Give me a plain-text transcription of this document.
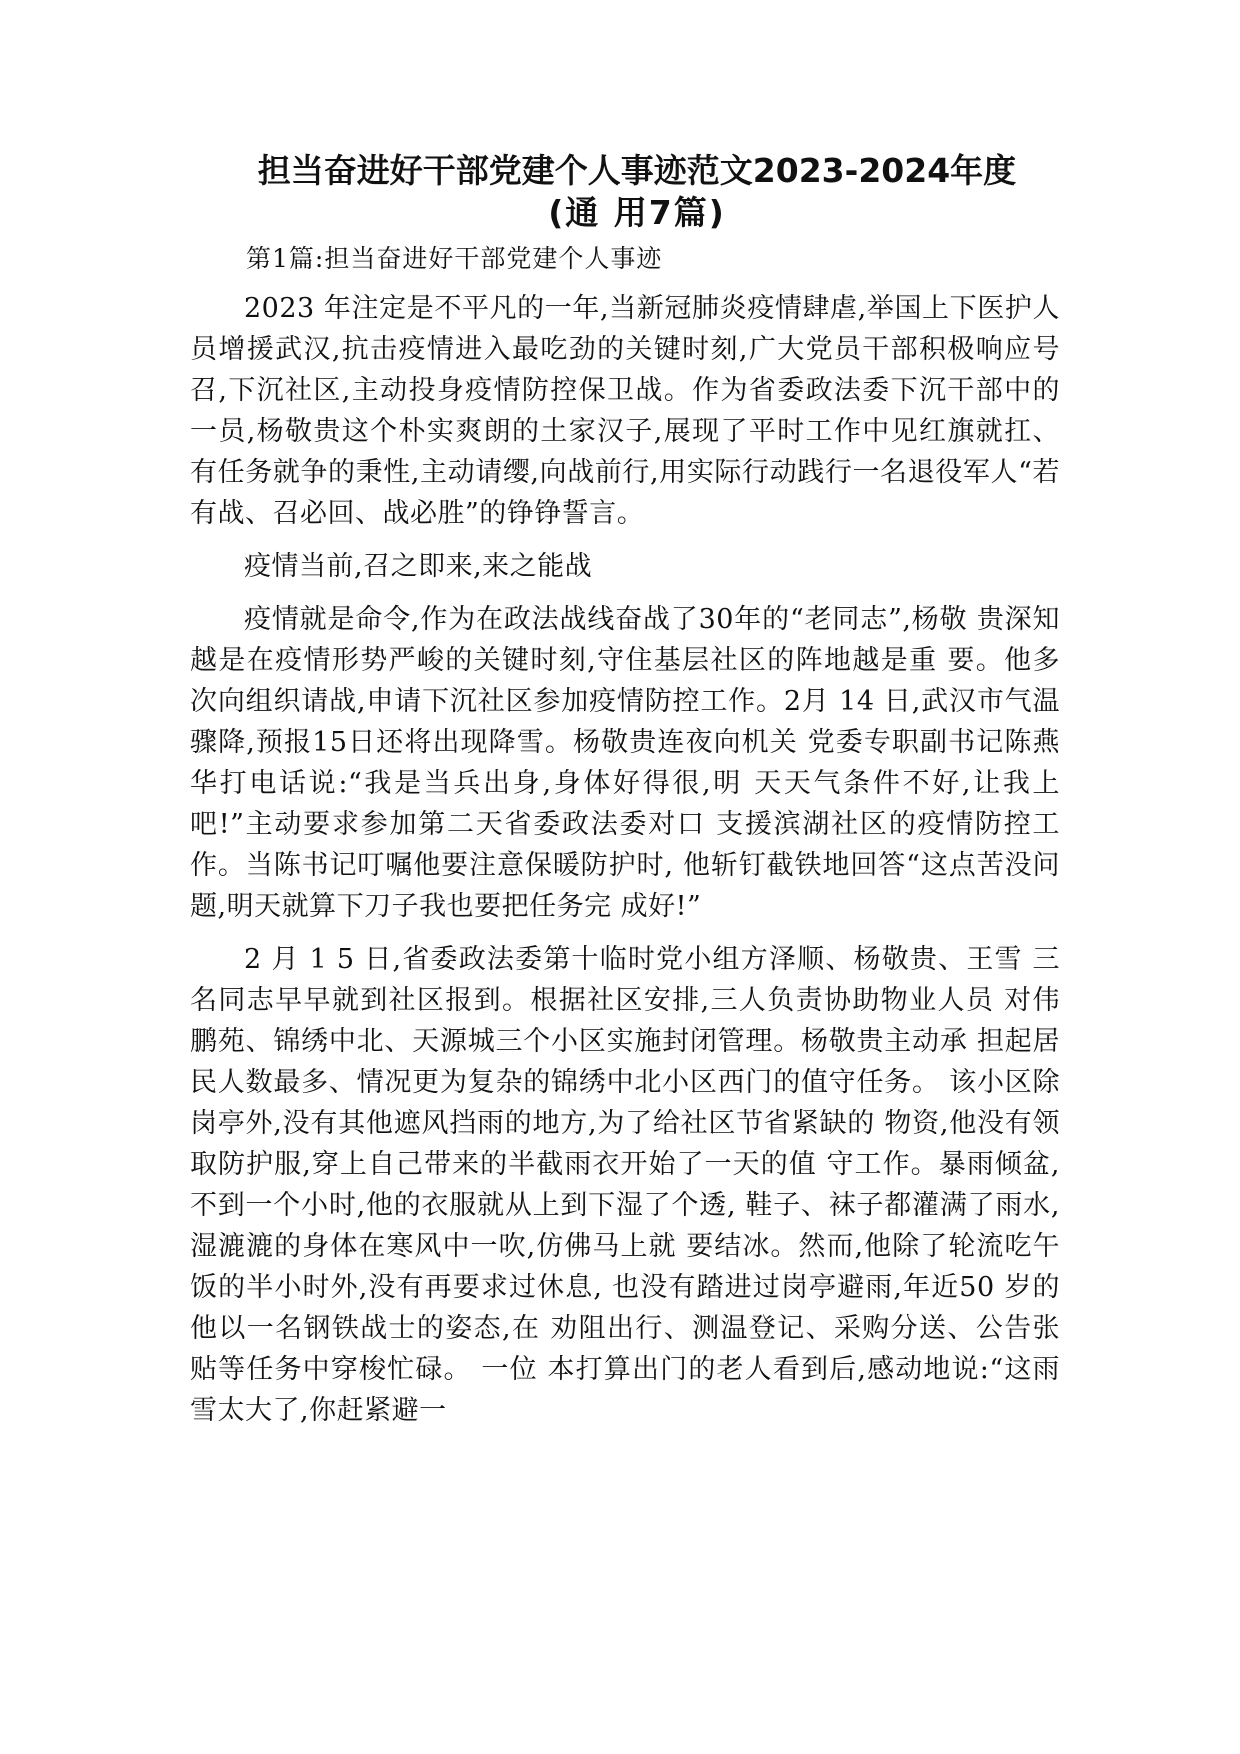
担当奋进好干部党建个人事迹范文2023-2024年度
(通 用7篇)

第1篇:担当奋进好干部党建个人事迹

2023 年注定是不平凡的一年,当新冠肺炎疫情肆虐,举国上下医护人员增援武汉,抗击疫情进入最吃劲的关键时刻,广大党员干部积极响应号召,下沉社区,主动投身疫情防控保卫战。作为省委政法委下沉干部中的一员,杨敬贵这个朴实爽朗的土家汉子,展现了平时工作中见红旗就扛、有任务就争的秉性,主动请缨,向战前行,用实际行动践行一名退役军人“若有战、召必回、战必胜”的铮铮誓言。

疫情当前,召之即来,来之能战

疫情就是命令,作为在政法战线奋战了30年的“老同志”,杨敬 贵深知越是在疫情形势严峻的关键时刻,守住基层社区的阵地越是重 要。他多次向组织请战,申请下沉社区参加疫情防控工作。2月 14 日,武汉市气温骤降,预报15日还将出现降雪。杨敬贵连夜向机关 党委专职副书记陈燕华打电话说:“我是当兵出身,身体好得很,明 天天气条件不好,让我上吧!”主动要求参加第二天省委政法委对口 支援滨湖社区的疫情防控工作。当陈书记叮嘱他要注意保暖防护时, 他斩钉截铁地回答“这点苦没问题,明天就算下刀子我也要把任务完 成好!”

2 月 1 5 日,省委政法委第十临时党小组方泽顺、杨敬贵、王雪 三名同志早早就到社区报到。根据社区安排,三人负责协助物业人员 对伟鹏苑、锦绣中北、天源城三个小区实施封闭管理。杨敬贵主动承 担起居民人数最多、情况更为复杂的锦绣中北小区西门的值守任务。 该小区除岗亭外,没有其他遮风挡雨的地方,为了给社区节省紧缺的 物资,他没有领取防护服,穿上自己带来的半截雨衣开始了一天的值 守工作。暴雨倾盆,不到一个小时,他的衣服就从上到下湿了个透, 鞋子、袜子都灌满了雨水,湿漉漉的身体在寒风中一吹,仿佛马上就 要结冰。然而,他除了轮流吃午饭的半小时外,没有再要求过休息, 也没有踏进过岗亭避雨,年近50 岁的他以一名钢铁战士的姿态,在 劝阻出行、测温登记、采购分送、公告张贴等任务中穿梭忙碌。 一位 本打算出门的老人看到后,感动地说:“这雨雪太大了,你赶紧避一
